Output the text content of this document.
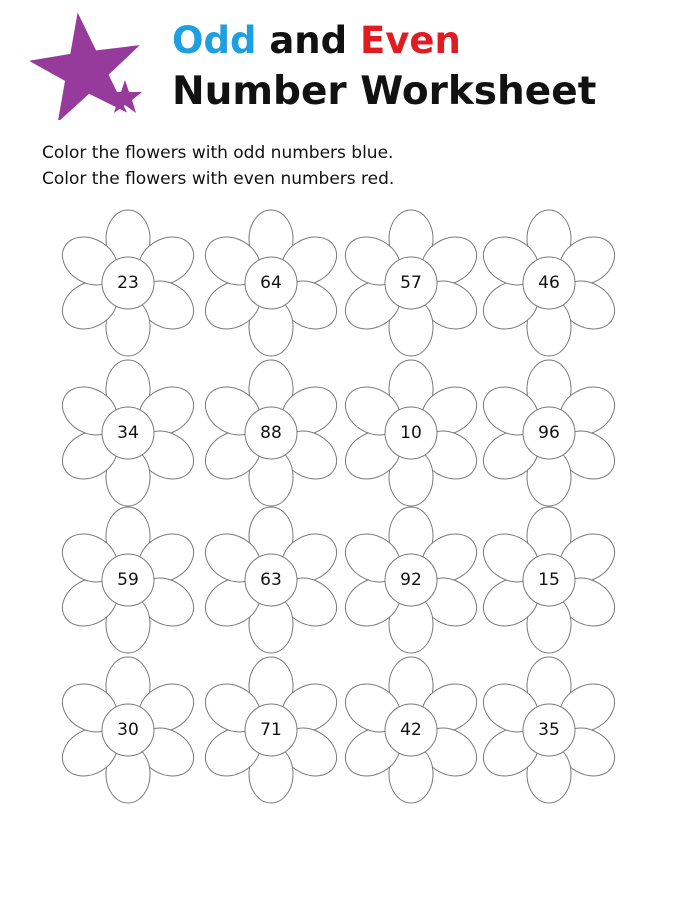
Odd and Even
Number Worksheet
Color the flowers with odd numbers blue.
Color the flowers with even numbers red.
23	64	57	46
34	88	10	96
59	63	92	15
30	71	42	35
